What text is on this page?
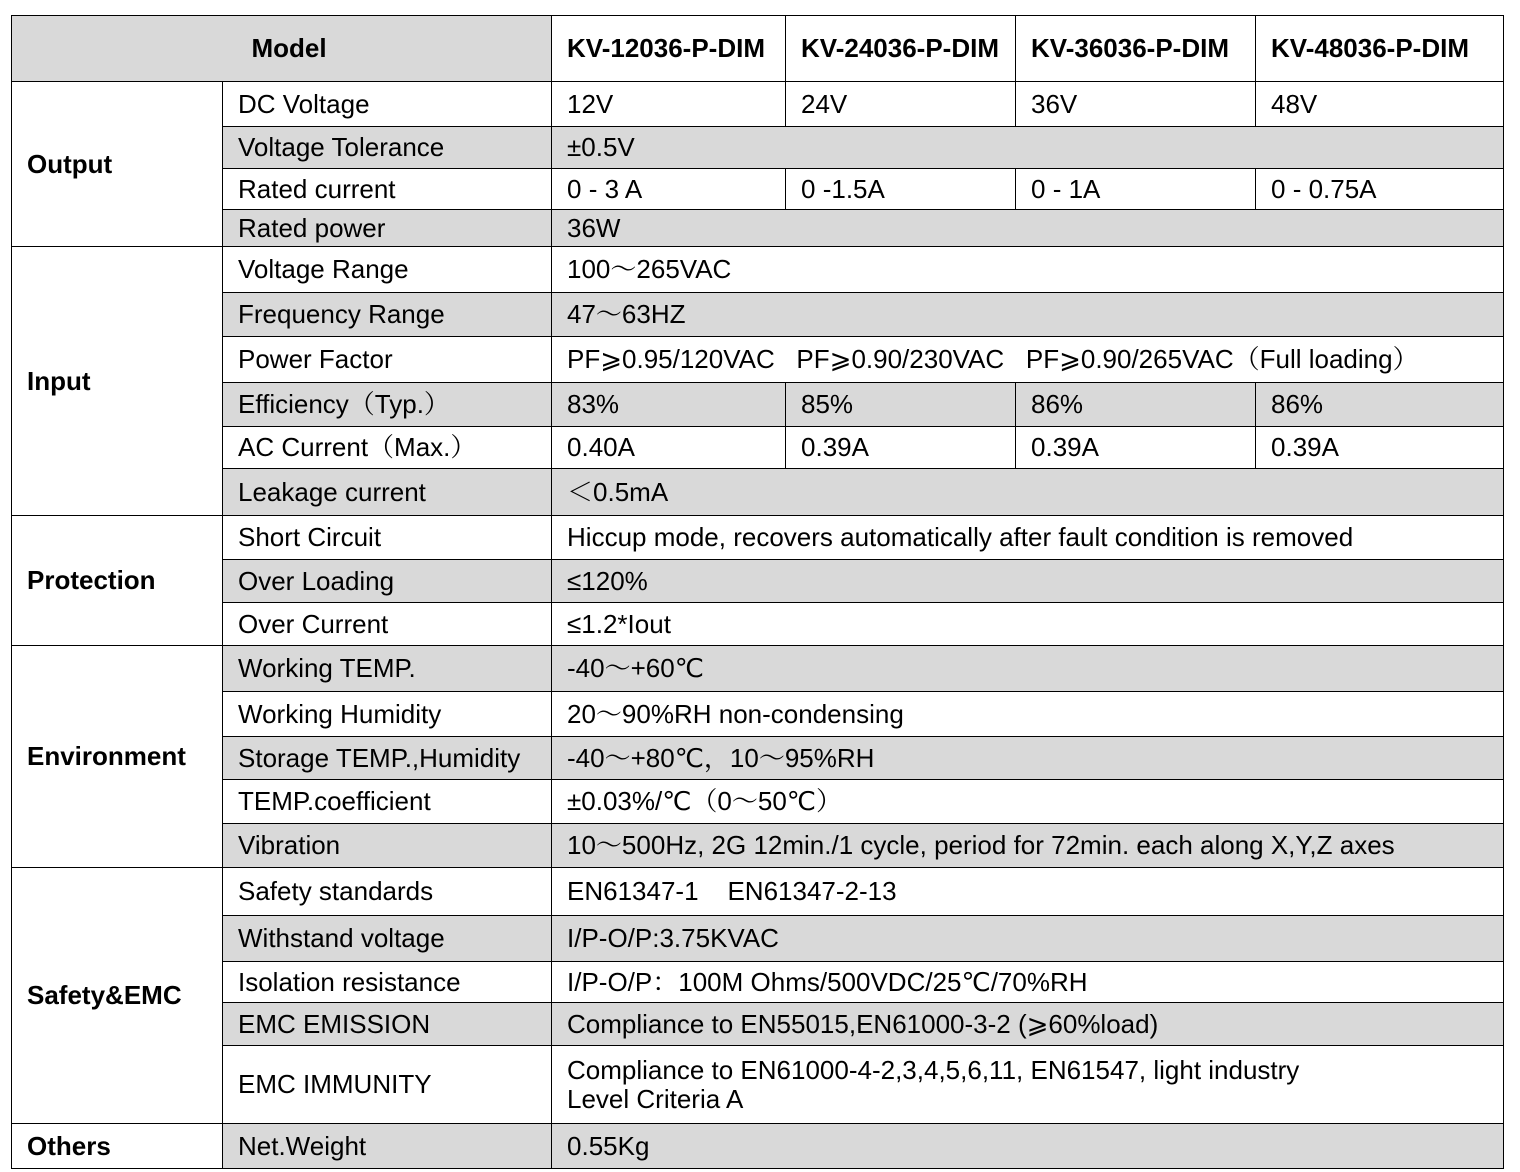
Model		KV-12036-P-DIM	KV-24036-P-DIM	KV-36036-P-DIM	KV-48036-P-DIM
Output	DC Voltage	12V	24V	36V	48V
	Voltage Tolerance	±0.5V			
	Rated current	0 - 3 A	0 -1.5A	0 - 1A	0 - 0.75A
	Rated power	36W			
Input	Voltage Range	100～265VAC			
	Frequency Range	47～63HZ			
	Power Factor	PF⩾0.95/120VAC   PF⩾0.90/230VAC   PF⩾0.90/265VAC（Full loading）			
	Efficiency（Typ.）	83%	85%	86%	86%
	AC Current（Max.）	0.40A	0.39A	0.39A	0.39A
	Leakage current	＜0.5mA			
Protection	Short Circuit	Hiccup mode, recovers automatically after fault condition is removed			
	Over Loading	≤120%			
	Over Current	≤1.2*Iout			
Environment	Working TEMP.	-40～+60℃			
	Working Humidity	20～90%RH non-condensing			
	Storage TEMP.,Humidity	-40～+80℃，10～95%RH			
	TEMP.coefficient	±0.03%/℃（0～50℃）			
	Vibration	10～500Hz, 2G 12min./1 cycle, period for 72min. each along X,Y,Z axes			
Safety&EMC	Safety standards	EN61347-1    EN61347-2-13			
	Withstand voltage	I/P-O/P:3.75KVAC			
	Isolation resistance	I/P-O/P：100M Ohms/500VDC/25℃/70%RH			
	EMC EMISSION	Compliance to EN55015,EN61000-3-2 (⩾60%load)			
	EMC IMMUNITY	Compliance to EN61000-4-2,3,4,5,6,11, EN61547, light industry
Level Criteria A			

Others	Net.Weight	0.55Kg			
